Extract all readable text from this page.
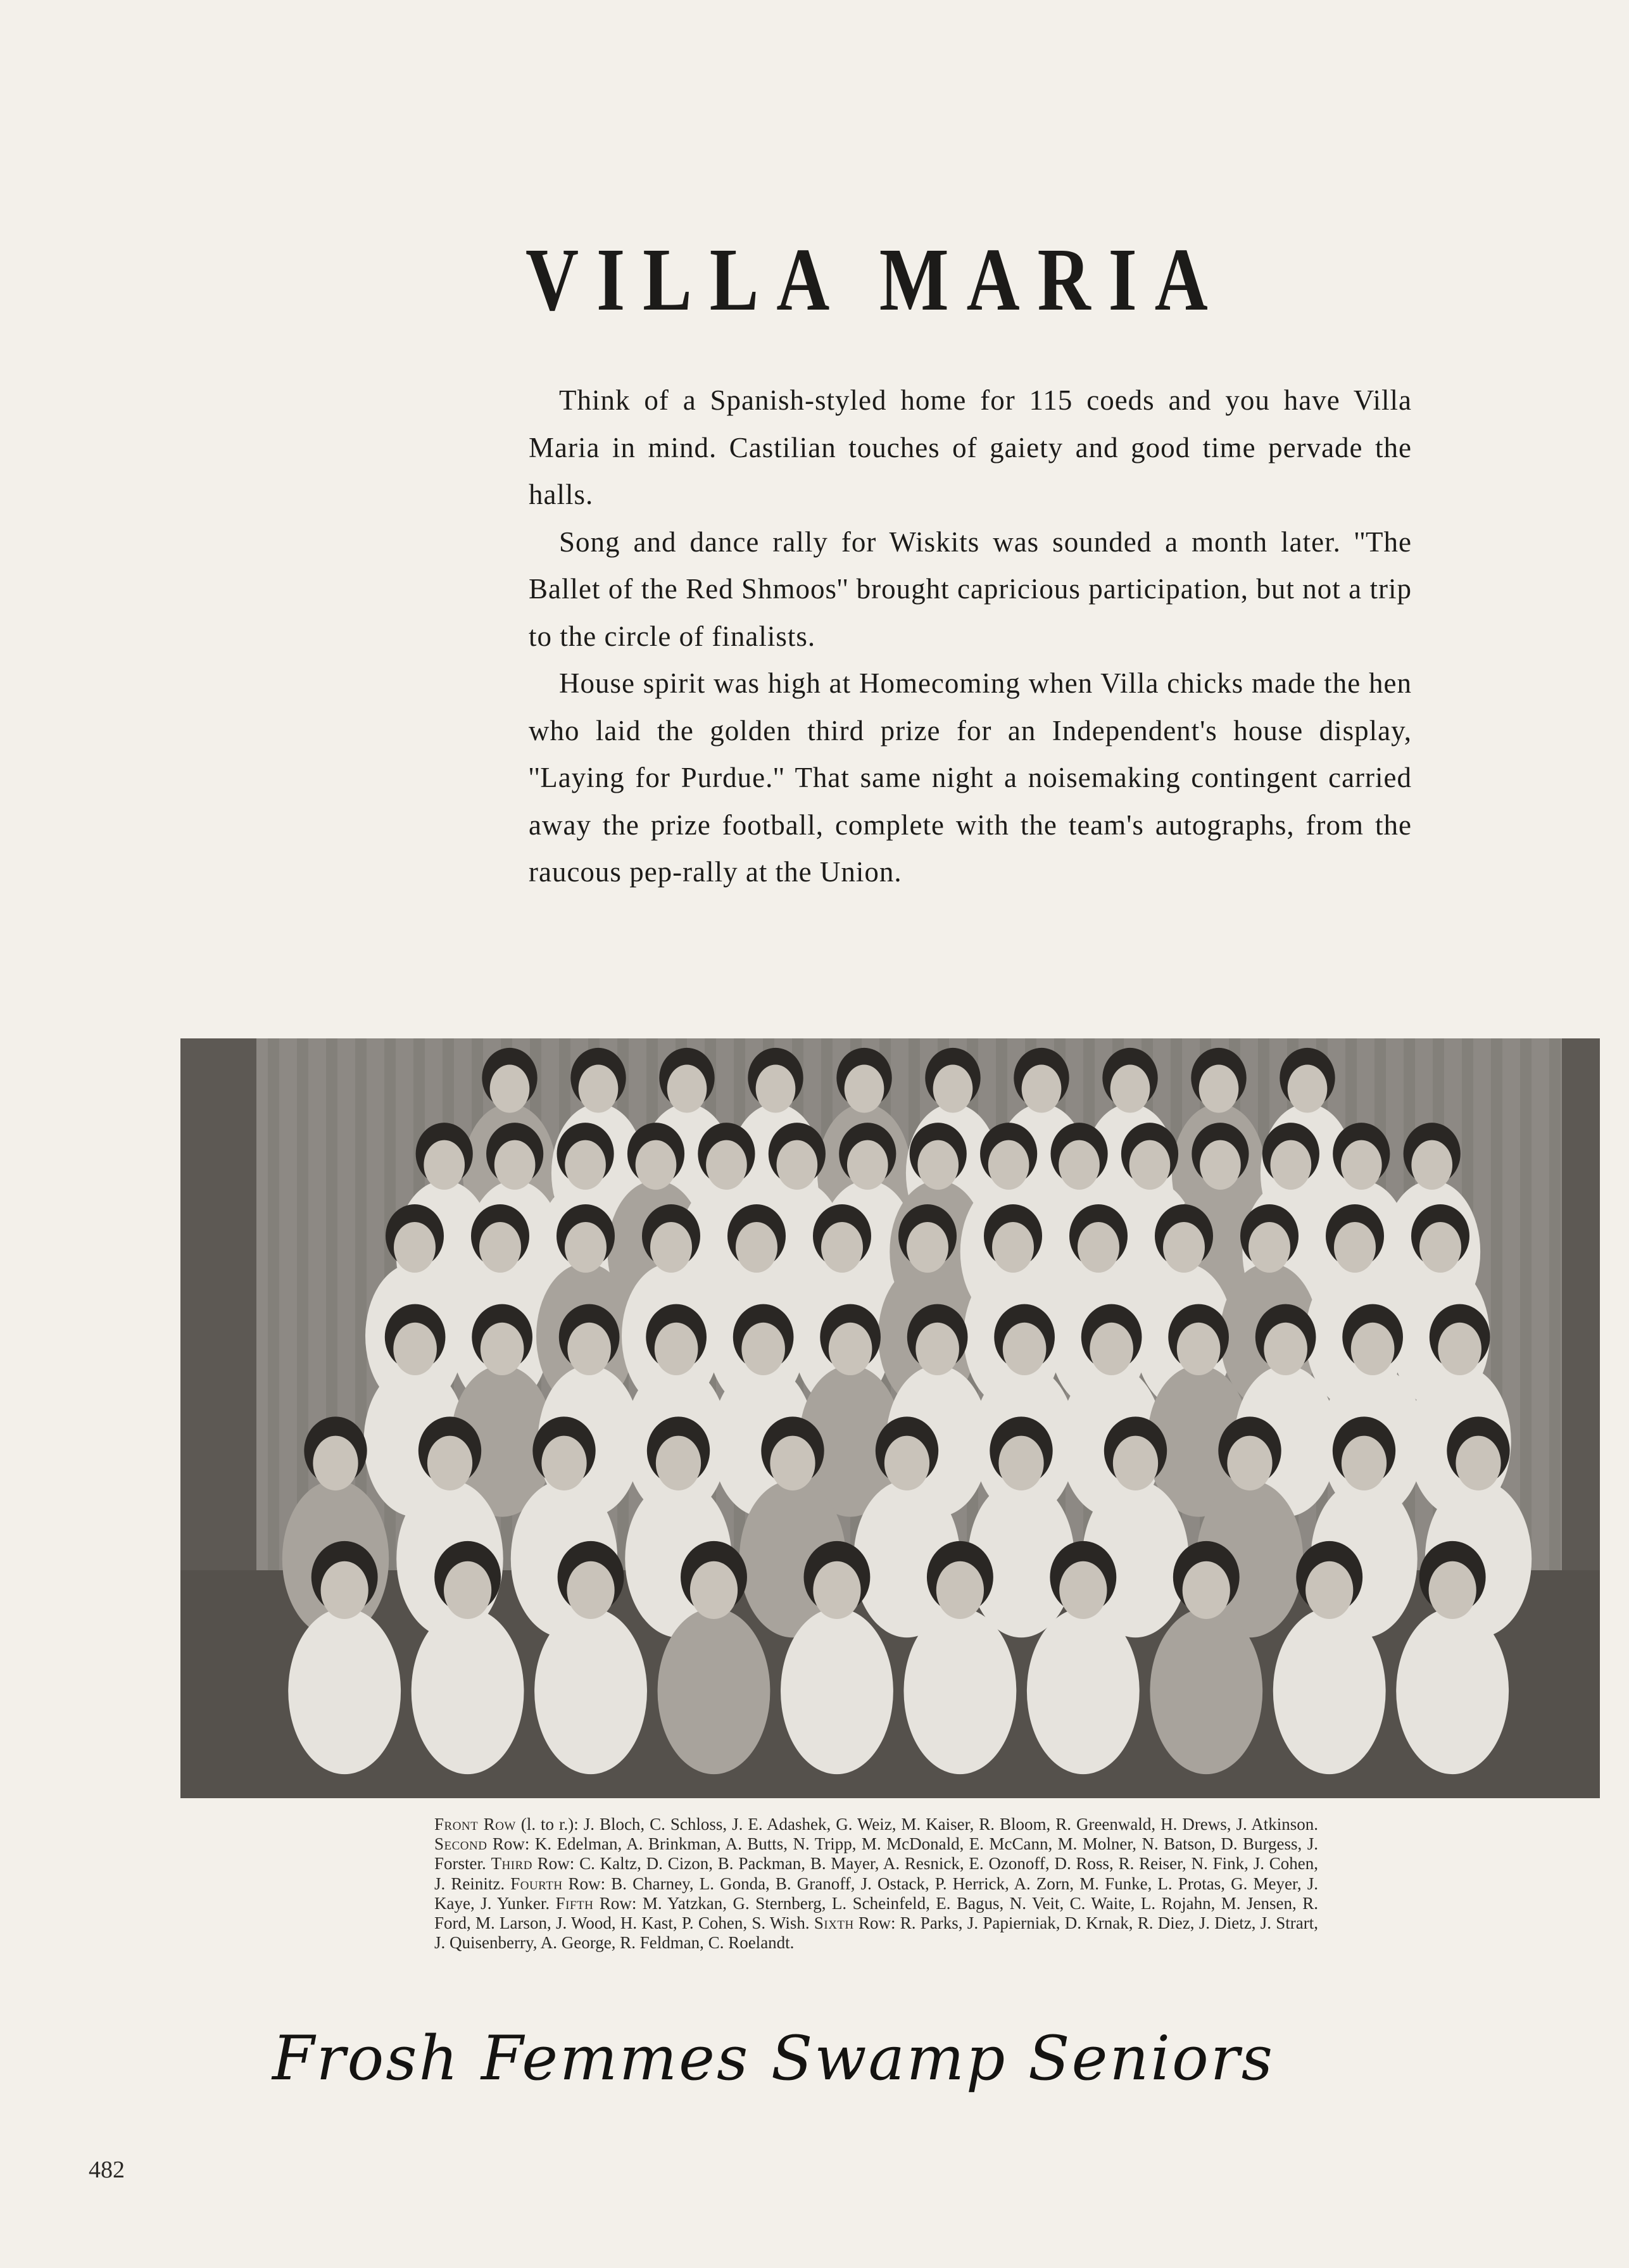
VILLA MARIA

Think of a Spanish-styled home for 115 coeds and you have Villa Maria in mind. Castilian touches of gaiety and good time pervade the halls.

Song and dance rally for Wiskits was sounded a month later. ''The Ballet of the Red Shmoos'' brought capricious participation, but not a trip to the circle of finalists.

House spirit was high at Homecoming when Villa chicks made the hen who laid the golden third prize for an Independent's house display, ''Laying for Purdue.'' That same night a noisemaking contingent carried away the prize football, complete with the team's autographs, from the raucous pep-rally at the Union.

Front Row (l. to r.): J. Bloch, C. Schloss, J. E. Adashek, G. Weiz, M. Kaiser, R. Bloom, R. Greenwald, H. Drews, J. Atkinson. Second Row: K. Edelman, A. Brinkman, A. Butts, N. Tripp, M. McDonald, E. McCann, M. Molner, N. Batson, D. Burgess, J. Forster. Third Row: C. Kaltz, D. Cizon, B. Packman, B. Mayer, A. Resnick, E. Ozonoff, D. Ross, R. Reiser, N. Fink, J. Cohen, J. Reinitz. Fourth Row: B. Charney, L. Gonda, B. Granoff, J. Ostack, P. Herrick, A. Zorn, M. Funke, L. Protas, G. Meyer, J. Kaye, J. Yunker. Fifth Row: M. Yatzkan, G. Sternberg, L. Scheinfeld, E. Bagus, N. Veit, C. Waite, L. Rojahn, M. Jensen, R. Ford, M. Larson, J. Wood, H. Kast, P. Cohen, S. Wish. Sixth Row: R. Parks, J. Papierniak, D. Krnak, R. Diez, J. Dietz, J. Strart, J. Quisenberry, A. George, R. Feldman, C. Roelandt.
Frosh Femmes Swamp Seniors
482
